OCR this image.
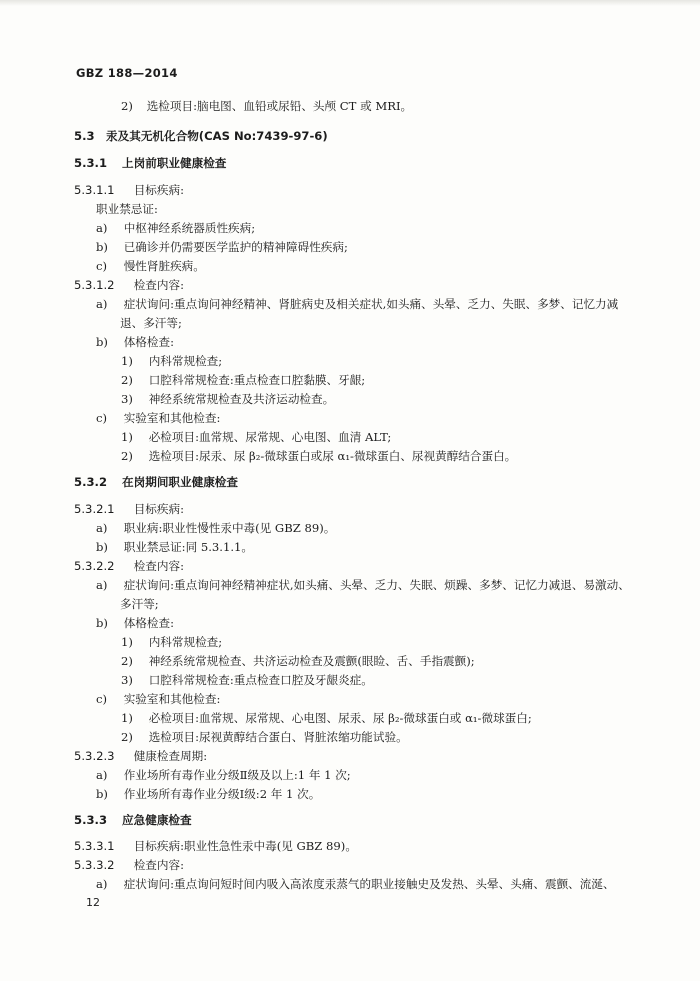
GBZ 188—2014
2) 选检项目:脑电图、血铅或尿铅、头颅 CT 或 MRI。
5.3 汞及其无机化合物(CAS No:7439-97-6)
5.3.1 上岗前职业健康检查
5.3.1.1 目标疾病:
职业禁忌证:
a) 中枢神经系统器质性疾病;
b) 已确诊并仍需要医学监护的精神障碍性疾病;
c) 慢性肾脏疾病。
5.3.1.2 检查内容:
a) 症状询问:重点询问神经精神、肾脏病史及相关症状,如头痛、头晕、乏力、失眠、多梦、记忆力减
退、多汗等;
b) 体格检查:
1) 内科常规检查;
2) 口腔科常规检查:重点检查口腔黏膜、牙龈;
3) 神经系统常规检查及共济运动检查。
c) 实验室和其他检查:
1) 必检项目:血常规、尿常规、心电图、血清 ALT;
2) 选检项目:尿汞、尿 β₂-微球蛋白或尿 α₁-微球蛋白、尿视黄醇结合蛋白。
5.3.2 在岗期间职业健康检查
5.3.2.1 目标疾病:
a) 职业病:职业性慢性汞中毒(见 GBZ 89)。
b) 职业禁忌证:同 5.3.1.1。
5.3.2.2 检查内容:
a) 症状询问:重点询问神经精神症状,如头痛、头晕、乏力、失眠、烦躁、多梦、记忆力减退、易激动、
多汗等;
b) 体格检查:
1) 内科常规检查;
2) 神经系统常规检查、共济运动检查及震颤(眼睑、舌、手指震颤);
3) 口腔科常规检查:重点检查口腔及牙龈炎症。
c) 实验室和其他检查:
1) 必检项目:血常规、尿常规、心电图、尿汞、尿 β₂-微球蛋白或 α₁-微球蛋白;
2) 选检项目:尿视黄醇结合蛋白、肾脏浓缩功能试验。
5.3.2.3 健康检查周期:
a) 作业场所有毒作业分级Ⅱ级及以上:1 年 1 次;
b) 作业场所有毒作业分级Ⅰ级:2 年 1 次。
5.3.3 应急健康检查
5.3.3.1 目标疾病:职业性急性汞中毒(见 GBZ 89)。
5.3.3.2 检查内容:
a) 症状询问:重点询问短时间内吸入高浓度汞蒸气的职业接触史及发热、头晕、头痛、震颤、流涎、
12
